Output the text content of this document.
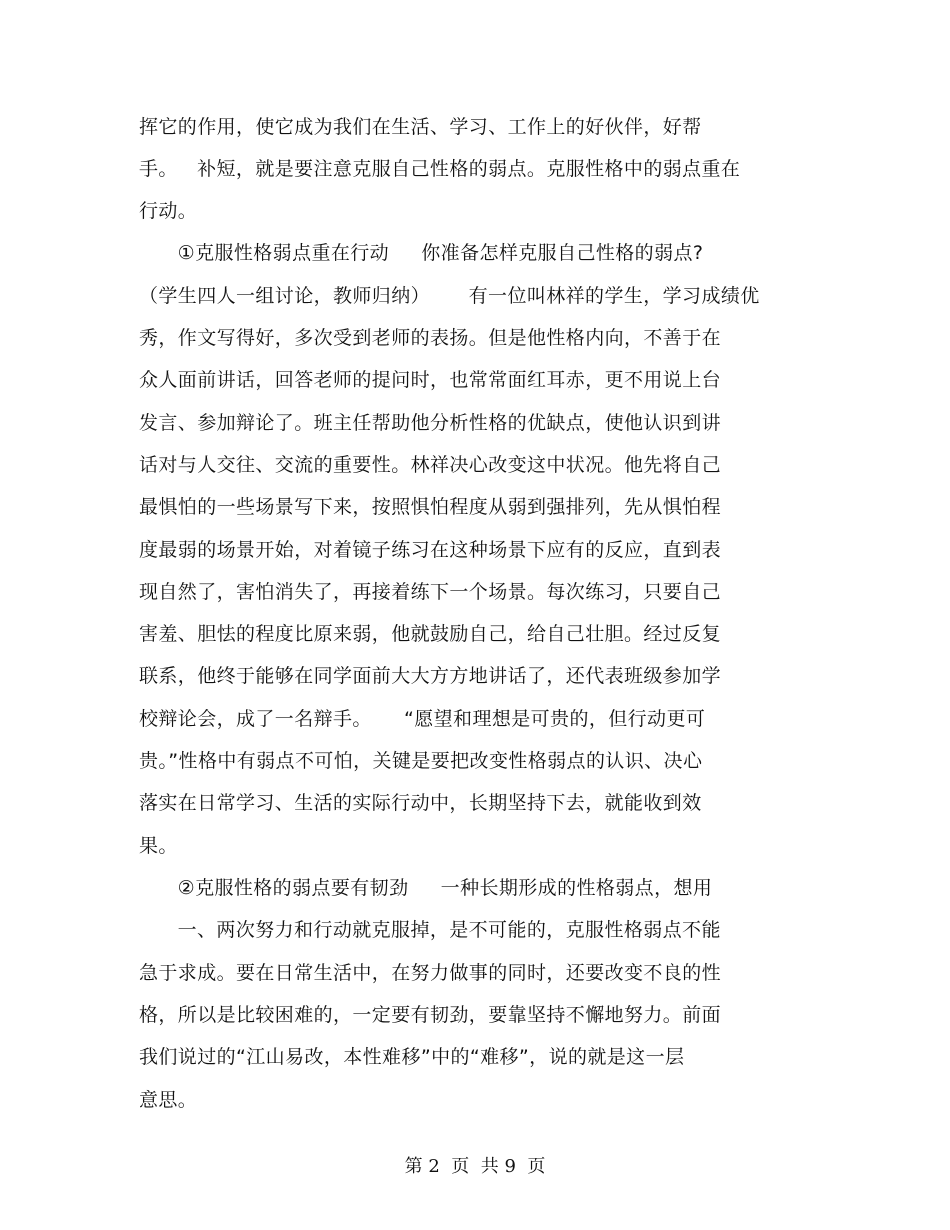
挥它的作用，使它成为我们在生活、学习、工作上的好伙伴，好帮
手。   补短，就是要注意克服自己性格的弱点。克服性格中的弱点重在
行动。
①克服性格弱点重在行动     你准备怎样克服自己性格的弱点?
（学生四人一组讨论，教师归纳）      有一位叫林祥的学生，学习成绩优
秀，作文写得好，多次受到老师的表扬。但是他性格内向，不善于在
众人面前讲话，回答老师的提问时，也常常面红耳赤，更不用说上台
发言、参加辩论了。班主任帮助他分析性格的优缺点，使他认识到讲
话对与人交往、交流的重要性。林祥决心改变这中状况。他先将自己
最惧怕的一些场景写下来，按照惧怕程度从弱到强排列，先从惧怕程
度最弱的场景开始，对着镜子练习在这种场景下应有的反应，直到表
现自然了，害怕消失了，再接着练下一个场景。每次练习，只要自己
害羞、胆怯的程度比原来弱，他就鼓励自己，给自己壮胆。经过反复
联系，他终于能够在同学面前大大方方地讲话了，还代表班级参加学
校辩论会，成了一名辩手。     “愿望和理想是可贵的，但行动更可
贵。”性格中有弱点不可怕，关键是要把改变性格弱点的认识、决心
落实在日常学习、生活的实际行动中，长期坚持下去，就能收到效
果。
②克服性格的弱点要有韧劲     一种长期形成的性格弱点，想用
一、两次努力和行动就克服掉，是不可能的，克服性格弱点不能
急于求成。要在日常生活中，在努力做事的同时，还要改变不良的性
格，所以是比较困难的，一定要有韧劲，要靠坚持不懈地努力。前面
我们说过的“江山易改，本性难移”中的“难移”，说的就是这一层
意思。
第 2  页  共 9  页
